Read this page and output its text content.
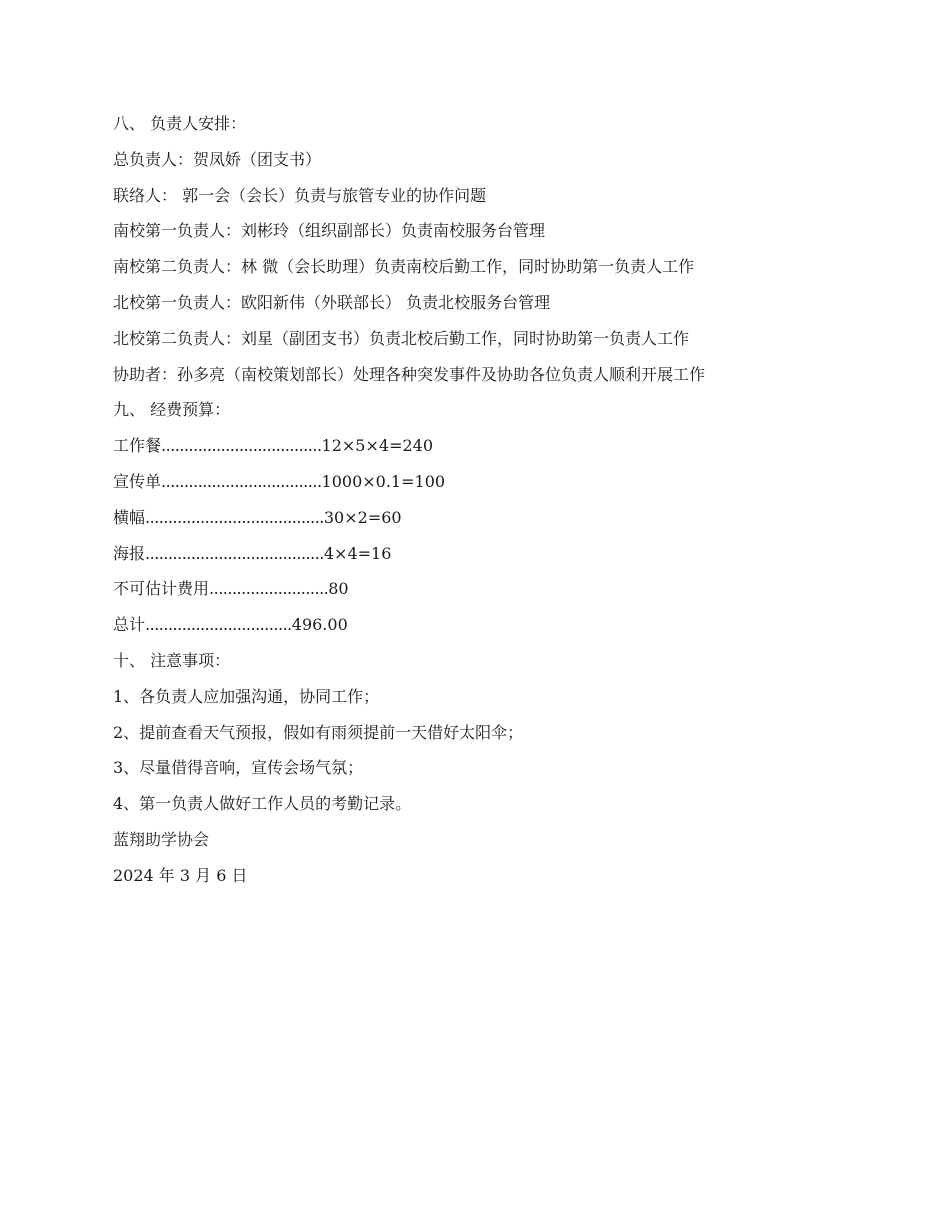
八、 负责人安排：
总负责人：贺凤娇（团支书）
联络人： 郭一会（会长）负责与旅管专业的协作问题
南校第一负责人：刘彬玲（组织副部长）负责南校服务台管理
南校第二负责人：林 微（会长助理）负责南校后勤工作，同时协助第一负责人工作
北校第一负责人：欧阳新伟（外联部长） 负责北校服务台管理
北校第二负责人：刘星（副团支书）负责北校后勤工作，同时协助第一负责人工作
协助者：孙多亮（南校策划部长）处理各种突发事件及协助各位负责人顺利开展工作
九、 经费预算：
工作餐 ................................... 12×5×4=240
宣传单 ................................... 1000×0.1=100
横幅 ....................................... 30×2=60
海报 ....................................... 4×4=16
不可估计费用 .......................... 80
总计 ................................ 496.00
十、 注意事项：
1、各负责人应加强沟通，协同工作；
2、提前查看天气预报，假如有雨须提前一天借好太阳伞；
3、尽量借得音响，宣传会场气氛；
4、第一负责人做好工作人员的考勤记录。
蓝翔助学协会
2024 年 3 月 6 日
